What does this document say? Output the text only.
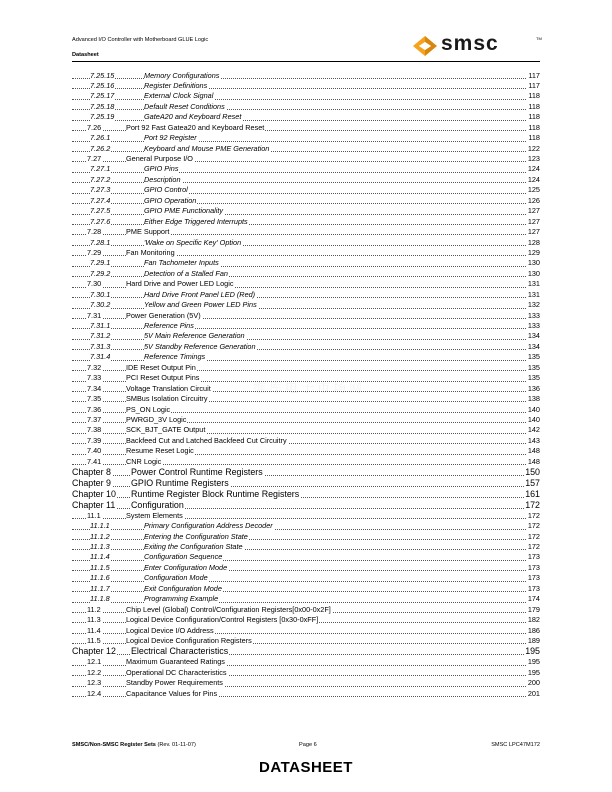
Advanced I/O Controller with Motherboard GLUE Logic
Datasheet	smsc	TM
维库电子市场网
7.25.15	Memory Configurations	117
7.25.16	Register Definitions	117
7.25.17	External Clock Signal	118
7.25.18	Default Reset Conditions	118
7.25.19	GateA20 and Keyboard Reset	118
7.26	Port 92 Fast Gatea20 and Keyboard Reset	118
7.26.1	Port 92 Register	118
7.26.2	Keyboard and Mouse PME Generation	122
7.27	General Purpose I/O	123
7.27.1	GPIO Pins	124
7.27.2	Description	124
7.27.3	GPIO Control	125
7.27.4	GPIO Operation	126
7.27.5	GPIO PME Functionality	127
7.27.6	Either Edge Triggered Interrupts	127
7.28	PME Support	127
7.28.1	'Wake on Specific Key' Option	128
7.29	Fan Monitoring	129
7.29.1	Fan Tachometer Inputs	130
7.29.2	Detection of a Stalled Fan	130
7.30	Hard Drive and Power LED Logic	131
7.30.1	Hard Drive Front Panel LED (Red)	131
7.30.2	Yellow and Green Power LED Pins	132
7.31	Power Generation (5V)	133
7.31.1	Reference Pins	133
7.31.2	5V Main Reference Generation	134
7.31.3	5V Standby Reference Generation	134
7.31.4	Reference Timings	135
7.32	IDE Reset Output Pin	135
7.33	PCI Reset Output Pins	135
7.34	Voltage Translation Circuit	136
7.35	SMBus Isolation Circuitry	138
7.36	PS_ON Logic	140
7.37	PWRGD_3V Logic	140
7.38	SCK_BJT_GATE Output	142
7.39	Backfeed Cut and Latched Backfeed Cut Circuitry	143
7.40	Resume Reset Logic	148
7.41	CNR Logic	148
Chapter 8 Power Control Runtime Registers	150
Chapter 9 GPIO Runtime Registers	157
Chapter 10 Runtime Register Block Runtime Registers	161
Chapter 11 Configuration	172
11.1	System Elements	172
11.1.1	Primary Configuration Address Decoder	172
11.1.2	Entering the Configuration State	172
11.1.3	Exiting the Configuration State	172
11.1.4	Configuration Sequence	173
11.1.5	Enter Configuration Mode	173
11.1.6	Configuration Mode	173
11.1.7	Exit Configuration Mode	173
11.1.8	Programming Example	174
11.2	Chip Level (Global) Control/Configuration Registers[0x00-0x2F]	179
11.3	Logical Device Configuration/Control Registers [0x30-0xFF]	182
11.4	Logical Device I/O Address	186
11.5	Logical Device Configuration Registers	189
Chapter 12 Electrical Characteristics	195
12.1	Maximum Guaranteed Ratings	195
12.2	Operational DC Characteristics	195
12.3	Standby Power Requirements	200
12.4	Capacitance Values for Pins	201
SMSC/Non-SMSC Register Sets (Rev. 01-11-07)	Page 6	SMSC LPC47M172
DATASHEET
